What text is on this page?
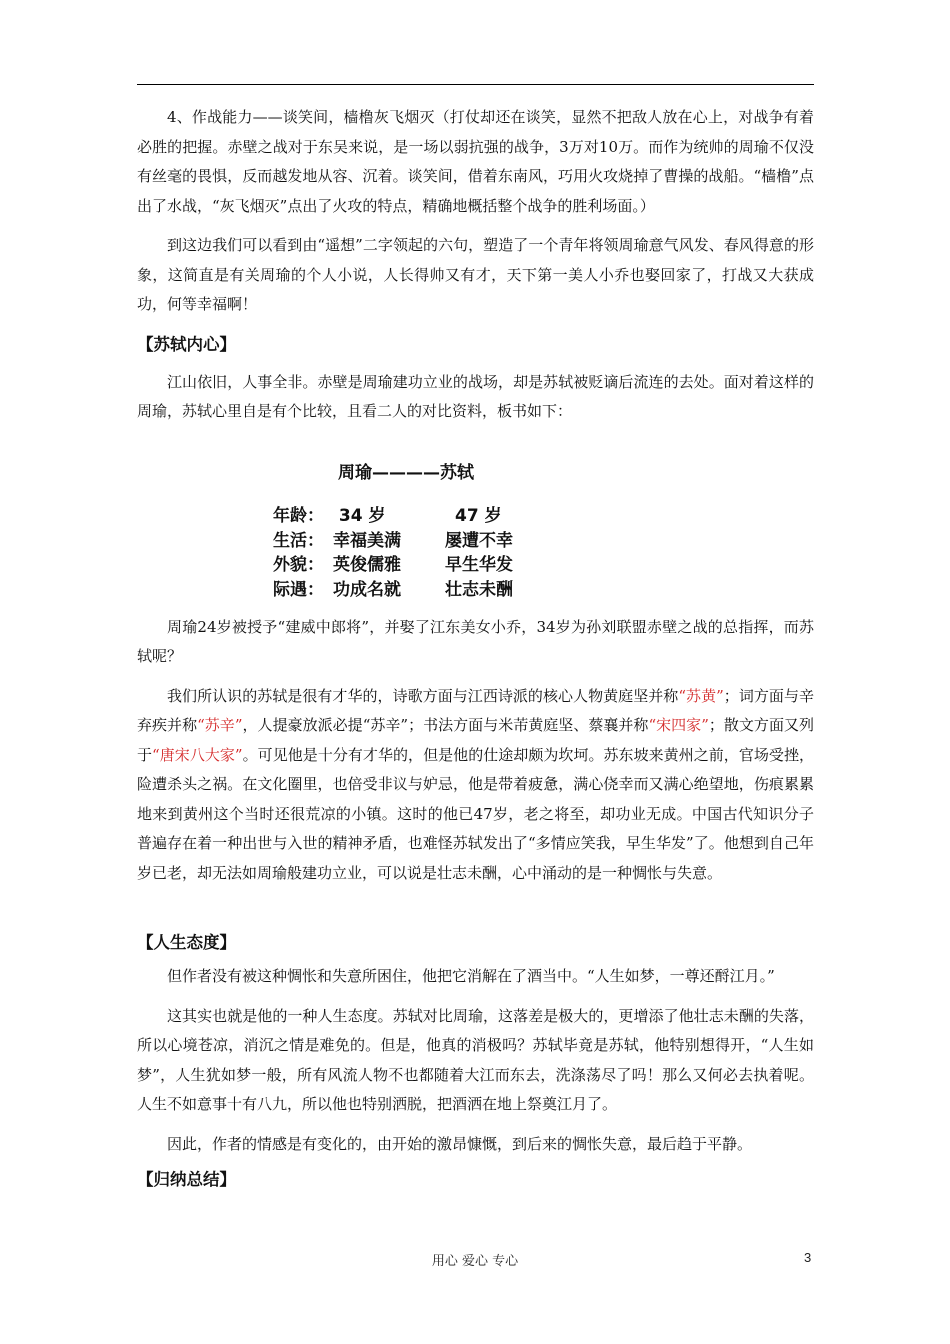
4、作战能力——谈笑间，樯橹灰飞烟灭（打仗却还在谈笑，显然不把敌人放在心上，对战争有着必胜的把握。赤壁之战对于东吴来说，是一场以弱抗强的战争，3万对10万。而作为统帅的周瑜不仅没有丝毫的畏惧，反而越发地从容、沉着。谈笑间，借着东南风，巧用火攻烧掉了曹操的战船。“樯橹”点出了水战，“灰飞烟灭”点出了火攻的特点，精确地概括整个战争的胜利场面。）

到这边我们可以看到由“遥想”二字领起的六句，塑造了一个青年将领周瑜意气风发、春风得意的形象，这简直是有关周瑜的个人小说，人长得帅又有才，天下第一美人小乔也娶回家了，打战又大获成功，何等幸福啊！

【苏轼内心】

江山依旧，人事全非。赤壁是周瑜建功立业的战场，却是苏轼被贬谪后流连的去处。面对着这样的周瑜，苏轼心里自是有个比较，且看二人的对比资料，板书如下：

周瑜24岁被授予“建威中郎将”，并娶了江东美女小乔，34岁为孙刘联盟赤壁之战的总指挥，而苏轼呢？

我们所认识的苏轼是很有才华的，诗歌方面与江西诗派的核心人物黄庭坚并称“苏黄”；词方面与辛弃疾并称“苏辛”，人提豪放派必提“苏辛”；书法方面与米芾黄庭坚、蔡襄并称“宋四家”；散文方面又列于“唐宋八大家”。可见他是十分有才华的，但是他的仕途却颇为坎坷。苏东坡来黄州之前，官场受挫，险遭杀头之祸。在文化圈里，也倍受非议与妒忌，他是带着疲惫，满心侥幸而又满心绝望地，伤痕累累地来到黄州这个当时还很荒凉的小镇。这时的他已47岁，老之将至，却功业无成。中国古代知识分子普遍存在着一种出世与入世的精神矛盾，也难怪苏轼发出了“多情应笑我，早生华发”了。他想到自己年岁已老，却无法如周瑜般建功立业，可以说是壮志未酬，心中涌动的是一种惆怅与失意。

【人生态度】

但作者没有被这种惆怅和失意所困住，他把它消解在了酒当中。“人生如梦，一尊还酹江月。”

这其实也就是他的一种人生态度。苏轼对比周瑜，这落差是极大的，更增添了他壮志未酬的失落，所以心境苍凉，消沉之情是难免的。但是，他真的消极吗？苏轼毕竟是苏轼，他特别想得开，“人生如梦”，人生犹如梦一般，所有风流人物不也都随着大江而东去，洗涤荡尽了吗！那么又何必去执着呢。人生不如意事十有八九，所以他也特别洒脱，把酒洒在地上祭奠江月了。

因此，作者的情感是有变化的，由开始的激昂慷慨，到后来的惆怅失意，最后趋于平静。

【归纳总结】

周瑜————苏轼
年龄： 34 岁	47 岁
生活： 幸福美满	屡遭不幸
外貌： 英俊儒雅	早生华发
际遇： 功成名就	壮志未酬
用心 爱心 专心	3
